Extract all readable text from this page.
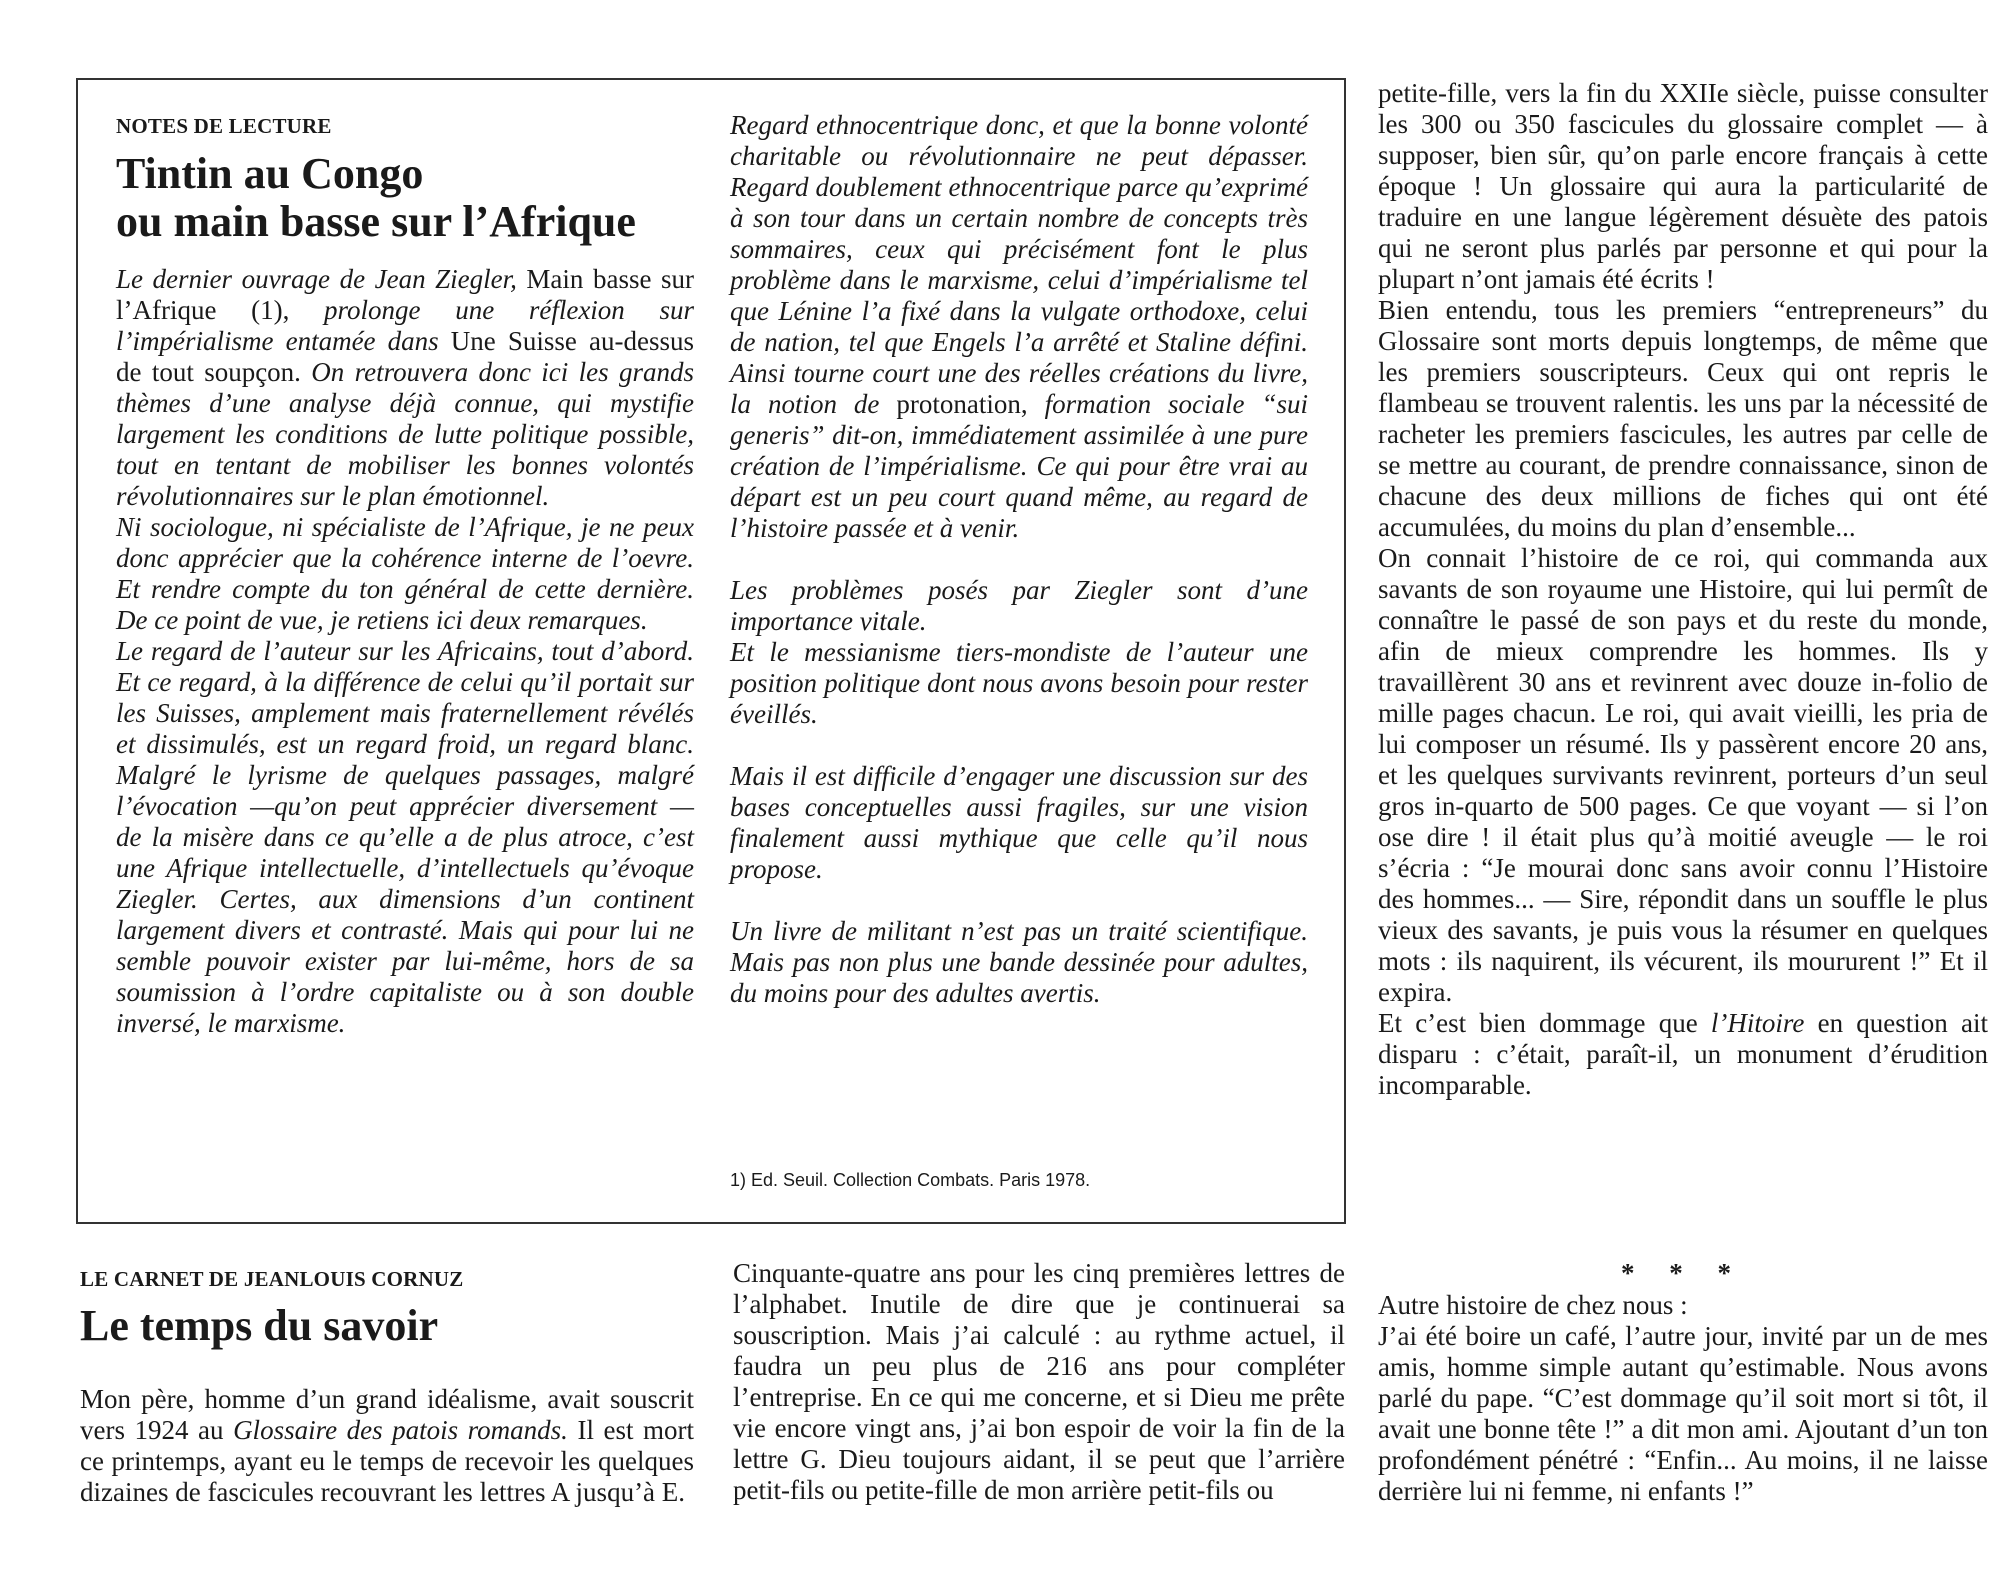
NOTES DE LECTURE
Tintin au Congo
ou main basse sur l’Afrique

Le dernier ouvrage de Jean Ziegler, Main basse sur l’Afrique (1), prolonge une réflexion sur l’impérialisme entamée dans Une Suisse au-dessus de tout soupçon. On retrouvera donc ici les grands thèmes d’une analyse déjà connue, qui mystifie largement les conditions de lutte politique possible, tout en tentant de mobiliser les bonnes volontés révolutionnaires sur le plan émotionnel.

Ni sociologue, ni spécialiste de l’Afrique, je ne peux donc apprécier que la cohérence interne de l’oevre. Et rendre compte du ton général de cette dernière. De ce point de vue, je retiens ici deux remarques.

Le regard de l’auteur sur les Africains, tout d’abord. Et ce regard, à la différence de celui qu’il portait sur les Suisses, amplement mais fraternellement révélés et dissimulés, est un regard froid, un regard blanc. Malgré le lyrisme de quelques passages, malgré l’évocation —qu’on peut apprécier diversement — de la misère dans ce qu’elle a de plus atroce, c’est une Afrique intellectuelle, d’intellectuels qu’évoque Ziegler. Certes, aux dimensions d’un continent largement divers et contrasté. Mais qui pour lui ne semble pouvoir exister par lui-même, hors de sa soumission à l’ordre capitaliste ou à son double inversé, le marxisme.

Regard ethnocentrique donc, et que la bonne volonté charitable ou révolutionnaire ne peut dépasser. Regard doublement ethnocentrique parce qu’exprimé à son tour dans un certain nombre de concepts très sommaires, ceux qui précisément font le plus problème dans le marxisme, celui d’impérialisme tel que Lénine l’a fixé dans la vulgate orthodoxe, celui de nation, tel que Engels l’a arrêté et Staline défini. Ainsi tourne court une des réelles créations du livre, la notion de protonation, formation sociale “sui generis” dit-on, immédiatement assimilée à une pure création de l’impérialisme. Ce qui pour être vrai au départ est un peu court quand même, au regard de l’histoire passée et à venir.

Les problèmes posés par Ziegler sont d’une importance vitale.

Et le messianisme tiers-mondiste de l’auteur une position politique dont nous avons besoin pour rester éveillés.

Mais il est difficile d’engager une discussion sur des bases conceptuelles aussi fragiles, sur une vision finalement aussi mythique que celle qu’il nous propose.

Un livre de militant n’est pas un traité scientifique. Mais pas non plus une bande dessinée pour adultes, du moins pour des adultes avertis.

1) Ed. Seuil. Collection Combats. Paris 1978.
LE CARNET DE JEANLOUIS CORNUZ
Le temps du savoir

Mon père, homme d’un grand idéalisme, avait souscrit vers 1924 au Glossaire des patois romands. Il est mort ce printemps, ayant eu le temps de recevoir les quelques dizaines de fascicules recouvrant les lettres A jusqu’à E.

Cinquante-quatre ans pour les cinq premières lettres de l’alphabet. Inutile de dire que je continuerai sa souscription. Mais j’ai calculé : au rythme actuel, il faudra un peu plus de 216 ans pour compléter l’entreprise. En ce qui me concerne, et si Dieu me prête vie encore vingt ans, j’ai bon espoir de voir la fin de la lettre G. Dieu toujours aidant, il se peut que l’arrière petit-fils ou petite-fille de mon arrière petit-fils ou

petite-fille, vers la fin du XXIIe siècle, puisse consulter les 300 ou 350 fascicules du glossaire complet — à supposer, bien sûr, qu’on parle encore français à cette époque ! Un glossaire qui aura la particularité de traduire en une langue légèrement désuète des patois qui ne seront plus parlés par personne et qui pour la plupart n’ont jamais été écrits !

Bien entendu, tous les premiers “entrepreneurs” du Glossaire sont morts depuis longtemps, de même que les premiers souscripteurs. Ceux qui ont repris le flambeau se trouvent ralentis. les uns par la nécessité de racheter les premiers fascicules, les autres par celle de se mettre au courant, de prendre connaissance, sinon de chacune des deux millions de fiches qui ont été accumulées, du moins du plan d’ensemble...

On connait l’histoire de ce roi, qui commanda aux savants de son royaume une Histoire, qui lui permît de connaître le passé de son pays et du reste du monde, afin de mieux comprendre les hommes. Ils y travaillèrent 30 ans et revinrent avec douze in-folio de mille pages chacun. Le roi, qui avait vieilli, les pria de lui composer un résumé. Ils y passèrent encore 20 ans, et les quelques survivants revinrent, porteurs d’un seul gros in-quarto de 500 pages. Ce que voyant — si l’on ose dire ! il était plus qu’à moitié aveugle — le roi s’écria : “Je mourai donc sans avoir connu l’Histoire des hommes... — Sire, répondit dans un souffle le plus vieux des savants, je puis vous la résumer en quelques mots : ils naquirent, ils vécurent, ils moururent !” Et il expira.

Et c’est bien dommage que l’Hitoire en question ait disparu : c’était, paraît-il, un monument d’érudition incomparable.

* * *

Autre histoire de chez nous :

J’ai été boire un café, l’autre jour, invité par un de mes amis, homme simple autant qu’estimable. Nous avons parlé du pape. “C’est dommage qu’il soit mort si tôt, il avait une bonne tête !” a dit mon ami. Ajoutant d’un ton profondément pénétré : “Enfin... Au moins, il ne laisse derrière lui ni femme, ni enfants !”
